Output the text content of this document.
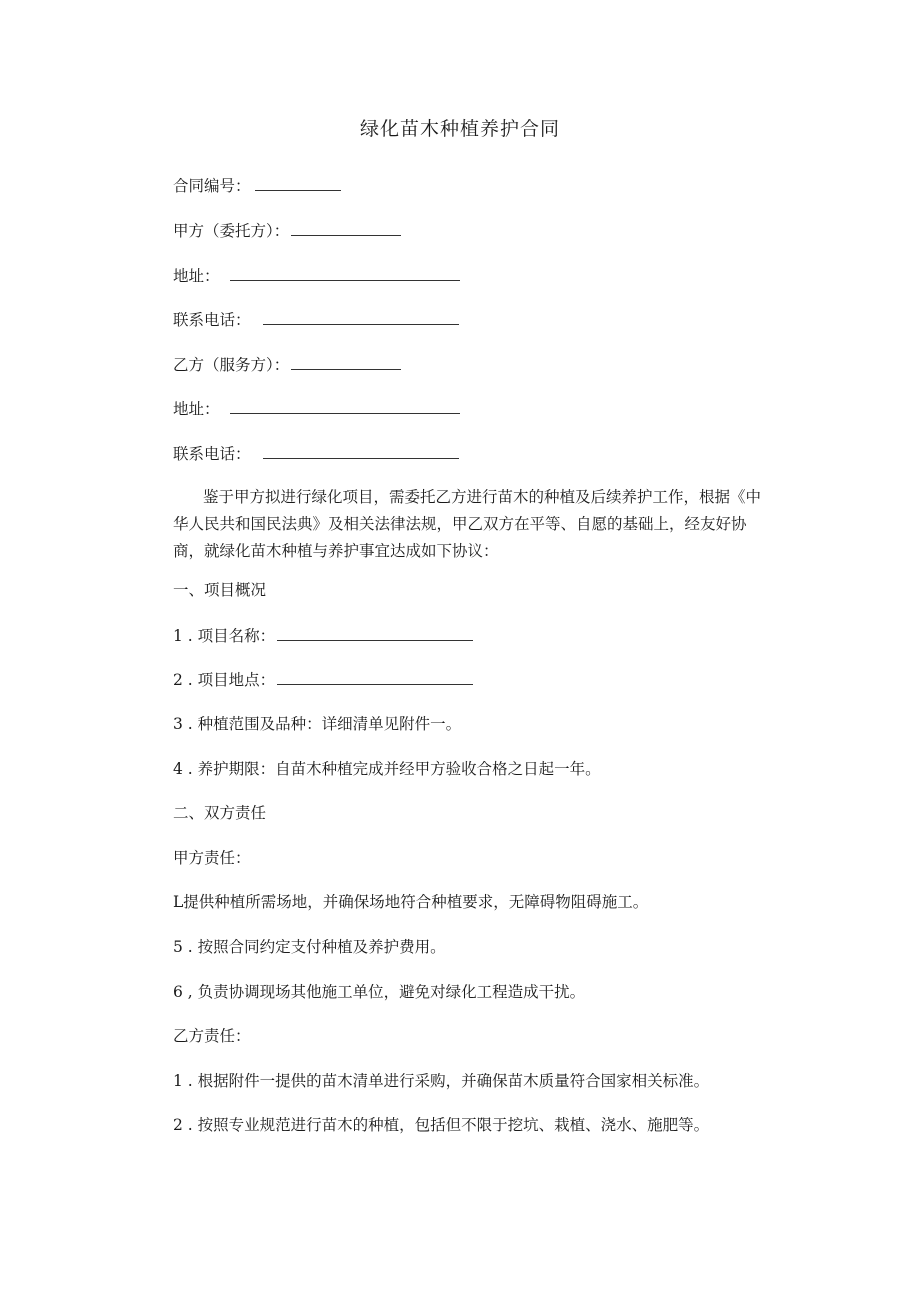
绿化苗木种植养护合同
合同编号：
甲方（委托方）：
地址：
联系电话：
乙方（服务方）：
地址：
联系电话：
鉴于甲方拟进行绿化项目，需委托乙方进行苗木的种植及后续养护工作，根据《中
华人民共和国民法典》及相关法律法规，甲乙双方在平等、自愿的基础上，经友好协
商，就绿化苗木种植与养护事宜达成如下协议：
一、项目概况
1 . 项目名称：
2 . 项目地点：
3 . 种植范围及品种：详细清单见附件一。
4 . 养护期限：自苗木种植完成并经甲方验收合格之日起一年。
二、双方责任
甲方责任：
L提供种植所需场地，并确保场地符合种植要求，无障碍物阻碍施工。
5 . 按照合同约定支付种植及养护费用。
6 , 负责协调现场其他施工单位，避免对绿化工程造成干扰。
乙方责任：
1 . 根据附件一提供的苗木清单进行采购，并确保苗木质量符合国家相关标准。
2 . 按照专业规范进行苗木的种植，包括但不限于挖坑、栽植、浇水、施肥等。
